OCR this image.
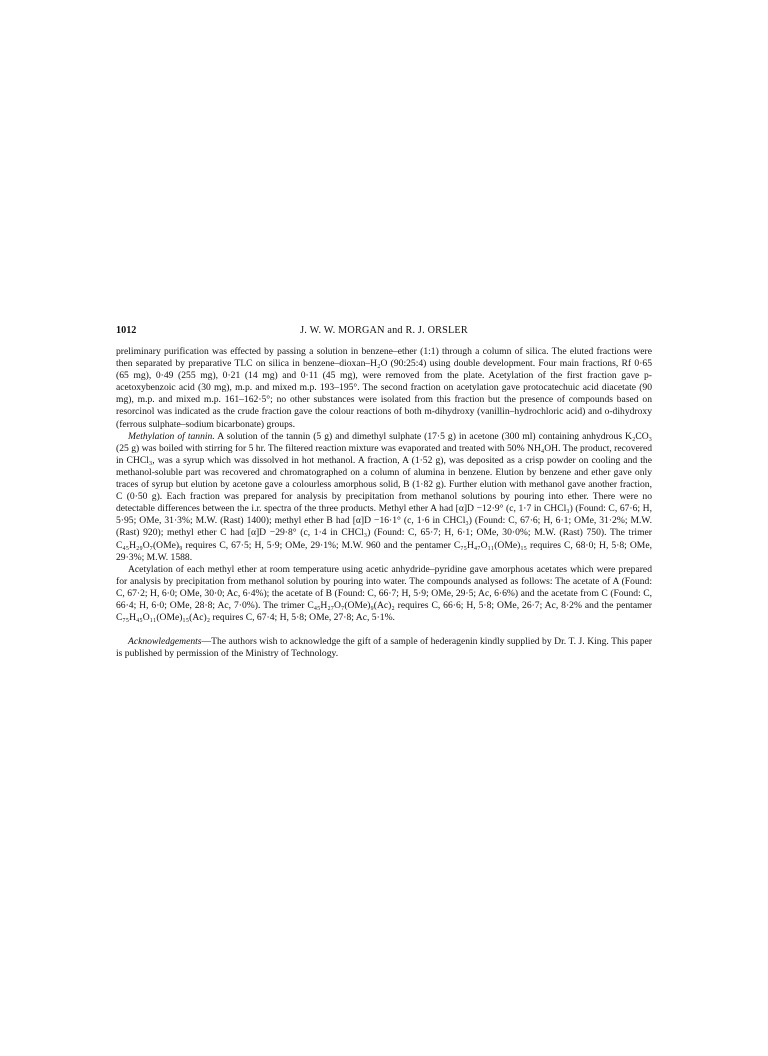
1012	J. W. W. MORGAN and R. J. ORSLER

preliminary purification was effected by passing a solution in benzene–ether (1:1) through a column of silica. The eluted fractions were then separated by preparative TLC on silica in benzene–dioxan–H₂O (90:25:4) using double development. Four main fractions, Rf 0·65 (65 mg), 0·49 (255 mg), 0·21 (14 mg) and 0·11 (45 mg), were removed from the plate. Acetylation of the first fraction gave p-acetoxybenzoic acid (30 mg), m.p. and mixed m.p. 193–195°. The second fraction on acetylation gave protocatechuic acid diacetate (90 mg), m.p. and mixed m.p. 161–162·5°; no other substances were isolated from this fraction but the presence of compounds based on resorcinol was indicated as the crude fraction gave the colour reactions of both m-dihydroxy (vanillin–hydrochloric acid) and o-dihydroxy (ferrous sulphate–sodium bicarbonate) groups.

Methylation of tannin. A solution of the tannin (5 g) and dimethyl sulphate (17·5 g) in acetone (300 ml) containing anhydrous K₂CO₃ (25 g) was boiled with stirring for 5 hr. The filtered reaction mixture was evaporated and treated with 50% NH₄OH. The product, recovered in CHCl₃, was a syrup which was dissolved in hot methanol. A fraction, A (1·52 g), was deposited as a crisp powder on cooling and the methanol-soluble part was recovered and chromatographed on a column of alumina in benzene. Elution by benzene and ether gave only traces of syrup but elution by acetone gave a colourless amorphous solid, B (1·82 g). Further elution with methanol gave another fraction, C (0·50 g). Each fraction was prepared for analysis by precipitation from methanol solutions by pouring into ether. There were no detectable differences between the i.r. spectra of the three products. Methyl ether A had [α]D −12·9° (c, 1·7 in CHCl₃) (Found: C, 67·6; H, 5·95; OMe, 31·3%; M.W. (Rast) 1400); methyl ether B had [α]D −16·1° (c, 1·6 in CHCl₃) (Found: C, 67·6; H, 6·1; OMe, 31·2%; M.W. (Rast) 920); methyl ether C had [α]D −29·8° (c, 1·4 in CHCl₃) (Found: C, 65·7; H, 6·1; OMe, 30·0%; M.W. (Rast) 750). The trimer C₄₅H₂₉O₇(OMe)₉ requires C, 67·5; H, 5·9; OMe, 29·1%; M.W. 960 and the pentamer C₇₅H₄₇O₁₁(OMe)₁₅ requires C, 68·0; H, 5·8; OMe, 29·3%; M.W. 1588.

Acetylation of each methyl ether at room temperature using acetic anhydride–pyridine gave amorphous acetates which were prepared for analysis by precipitation from methanol solution by pouring into water. The compounds analysed as follows: The acetate of A (Found: C, 67·2; H, 6·0; OMe, 30·0; Ac, 6·4%); the acetate of B (Found: C, 66·7; H, 5·9; OMe, 29·5; Ac, 6·6%) and the acetate from C (Found: C, 66·4; H, 6·0; OMe, 28·8; Ac, 7·0%). The trimer C₄₅H₂₇O₇(OMe)₉(Ac)₂ requires C, 66·6; H, 5·8; OMe, 26·7; Ac, 8·2% and the pentamer C₇₅H₄₅O₁₁(OMe)₁₅(Ac)₂ requires C, 67·4; H, 5·8; OMe, 27·8; Ac, 5·1%.

Acknowledgements—The authors wish to acknowledge the gift of a sample of hederagenin kindly supplied by Dr. T. J. King. This paper is published by permission of the Ministry of Technology.
